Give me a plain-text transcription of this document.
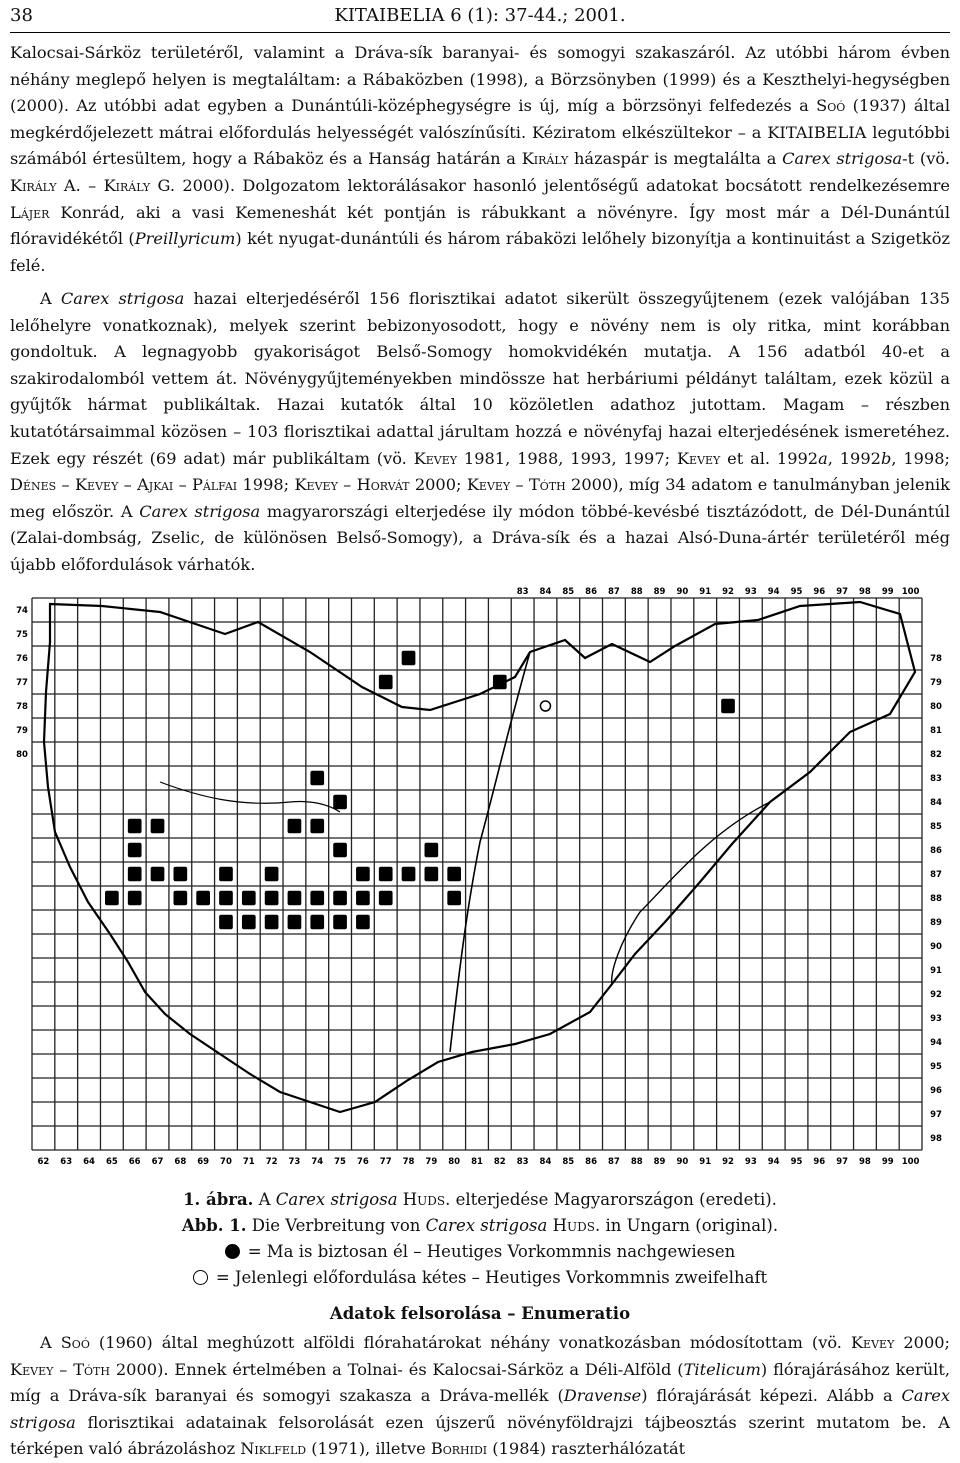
38	KITAIBELIA 6 (1): 37-44.; 2001.

Kalocsai-Sárköz területéről, valamint a Dráva-sík baranyai- és somogyi szakaszáról. Az utóbbi három évben néhány meglepő helyen is megtaláltam: a Rábaközben (1998), a Börzsönyben (1999) és a Keszthelyi-hegységben (2000). Az utóbbi adat egyben a Dunántúli-középhegységre is új, míg a börzsönyi felfedezés a Soó (1937) által megkérdőjelezett mátrai előfordulás helyességét valószínűsíti. Kéziratom elkészültekor – a KITAIBELIA legutóbbi számából értesültem, hogy a Rábaköz és a Hanság határán a Király házaspár is megtalálta a Carex strigosa-t (vö. Király A. – Király G. 2000). Dolgozatom lektorálásakor hasonló jelentőségű adatokat bocsátott rendelkezésemre Lájer Konrád, aki a vasi Kemeneshát két pontján is rábukkant a növényre. Így most már a Dél-Dunántúl flóravidékétől (Preillyricum) két nyugat-dunántúli és három rábaközi lelőhely bizonyítja a kontinuitást a Szigetköz felé.

A Carex strigosa hazai elterjedéséről 156 florisztikai adatot sikerült összegyűjtenem (ezek valójában 135 lelőhelyre vonatkoznak), melyek szerint bebizonyosodott, hogy e növény nem is oly ritka, mint korábban gondoltuk. A legnagyobb gyakoriságot Belső-Somogy homokvidékén mutatja. A 156 adatból 40-et a szakirodalomból vettem át. Növénygyűjteményekben mindössze hat herbáriumi példányt találtam, ezek közül a gyűjtők hármat publikáltak. Hazai kutatók által 10 közöletlen adathoz jutottam. Magam – részben kutatótársaimmal közösen – 103 florisztikai adattal járultam hozzá e növényfaj hazai elterjedésének ismeretéhez. Ezek egy részét (69 adat) már publikáltam (vö. Kevey 1981, 1988, 1993, 1997; Kevey et al. 1992a, 1992b, 1998; Dénes – Kevey – Ajkai – Pálfai 1998; Kevey – Horvát 2000; Kevey – Tóth 2000), míg 34 adatom e tanulmányban jelenik meg először. A Carex strigosa magyarországi elterjedése ily módon többé-kevésbé tisztázódott, de Dél-Dunántúl (Zalai-dombság, Zselic, de különösen Belső-Somogy), a Dráva-sík és a hazai Alsó-Duna-ártér területéről még újabb előfordulások várhatók.

83 84 85 86 87 88 89 90 91 92 93 94 95 96 97 98 99 100
62 63 64 65 66 67 68 69 70 71 72 73 74 75 76 77 78 79 80 81 82 83 84 85 86 87 88 89 90 91 92 93 94 95 96 97 98 99 100
74
75
76
77
78
79
80
78
79
80
81
82
83
84
85
86
87
88
89
90
91
92
93
94
95
96
97
98
1. ábra. A Carex strigosa Huds. elterjedése Magyarországon (eredeti).
Abb. 1. Die Verbreitung von Carex strigosa Huds. in Ungarn (original).
= Ma is biztosan él – Heutiges Vorkommnis nachgewiesen
= Jelenlegi előfordulása kétes – Heutiges Vorkommnis zweifelhaft
Adatok felsorolása – Enumeratio

A Soó (1960) által meghúzott alföldi flórahatárokat néhány vonatkozásban módosítottam (vö. Kevey 2000; Kevey – Tóth 2000). Ennek értelmében a Tolnai- és Kalocsai-Sárköz a Déli-Alföld (Titelicum) flórajárásához került, míg a Dráva-sík baranyai és somogyi szakasza a Dráva-mellék (Dravense) flórajárását képezi. Alább a Carex strigosa florisztikai adatainak felsorolását ezen újszerű növényföldrajzi tájbeosztás szerint mutatom be. A térképen való ábrázoláshoz Niklfeld (1971), illetve Borhidi (1984) raszterhálózatát
